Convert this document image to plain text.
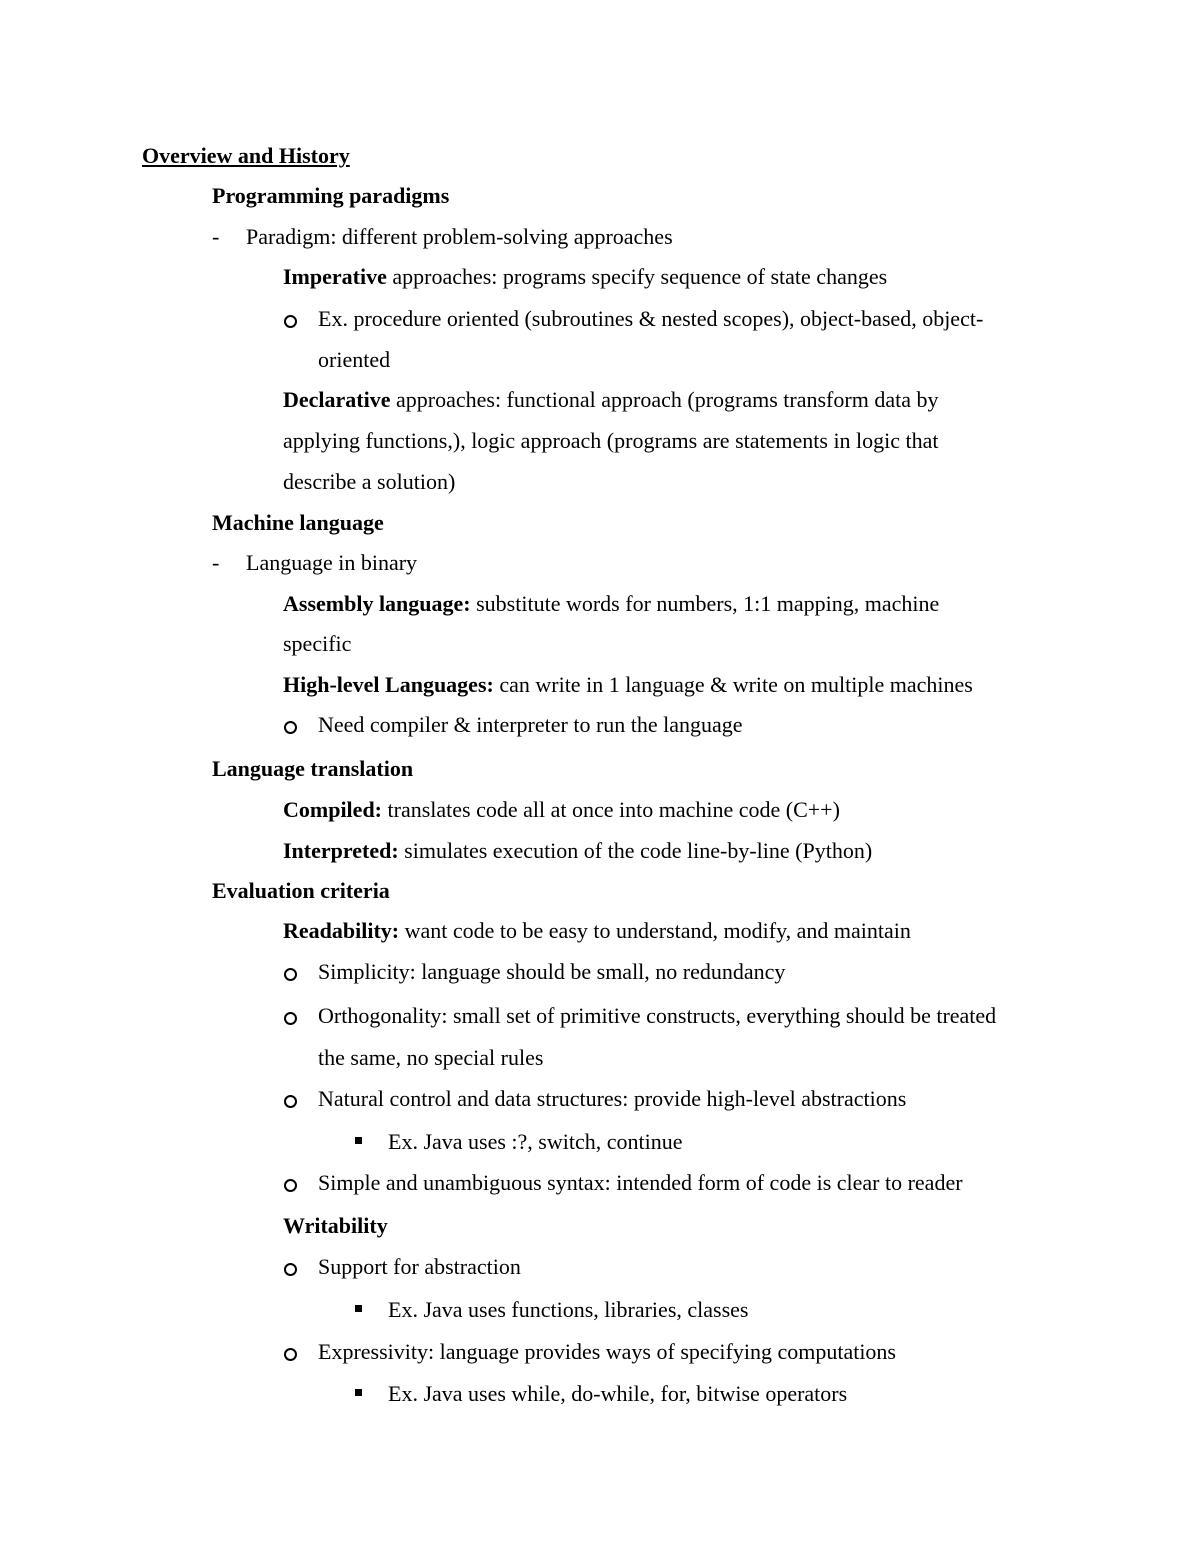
Overview and History
Programming paradigms
- Paradigm: different problem-solving approaches
Imperative approaches: programs specify sequence of state changes
Ex. procedure oriented (subroutines & nested scopes), object-based, object-
oriented
Declarative approaches: functional approach (programs transform data by
applying functions,), logic approach (programs are statements in logic that
describe a solution)
Machine language
- Language in binary
Assembly language: substitute words for numbers, 1:1 mapping, machine
specific
High-level Languages: can write in 1 language & write on multiple machines
Need compiler & interpreter to run the language
Language translation
Compiled: translates code all at once into machine code (C++)
Interpreted: simulates execution of the code line-by-line (Python)
Evaluation criteria
Readability: want code to be easy to understand, modify, and maintain
Simplicity: language should be small, no redundancy
Orthogonality: small set of primitive constructs, everything should be treated
the same, no special rules
Natural control and data structures: provide high-level abstractions
Ex. Java uses :?, switch, continue
Simple and unambiguous syntax: intended form of code is clear to reader
Writability
Support for abstraction
Ex. Java uses functions, libraries, classes
Expressivity: language provides ways of specifying computations
Ex. Java uses while, do-while, for, bitwise operators
